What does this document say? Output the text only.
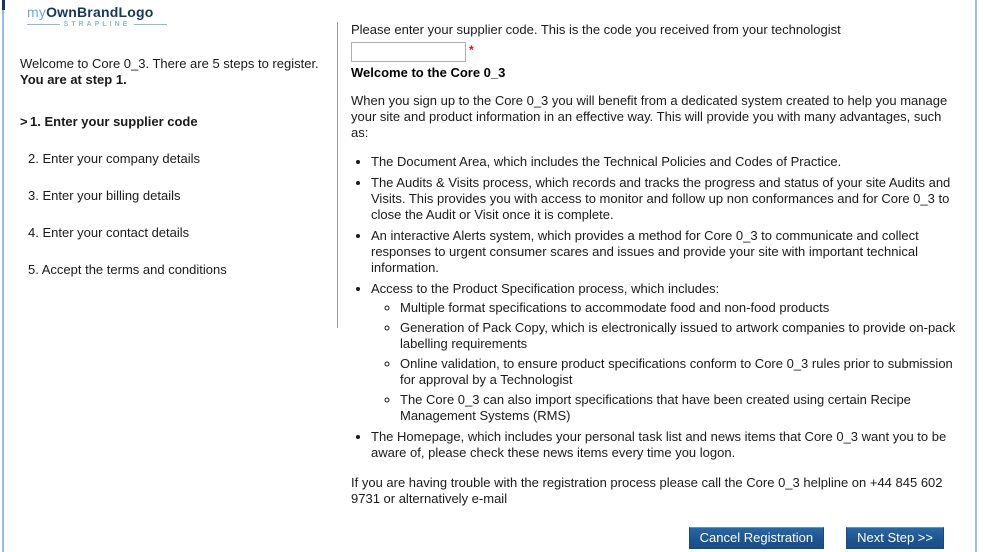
myOwnBrandLogo
STRAPLINE
Welcome to Core 0_3. There are 5 steps to register.
You are at step 1.
> 1. Enter your supplier code
2. Enter your company details
3. Enter your billing details
4. Enter your contact details
5. Accept the terms and conditions
Please enter your supplier code. This is the code you received from your technologist
*
Welcome to the Core 0_3
When you sign up to the Core 0_3 you will benefit from a dedicated system created to help you manage your site and product information in an effective way. This will provide you with many advantages, such as:
• The Document Area, which includes the Technical Policies and Codes of Practice.
• The Audits & Visits process, which records and tracks the progress and status of your site Audits and Visits. This provides you with access to monitor and follow up non conformances and for Core 0_3 to close the Audit or Visit once it is complete.
• An interactive Alerts system, which provides a method for Core 0_3 to communicate and collect responses to urgent consumer scares and issues and provide your site with important technical information.
• Access to the Product Specification process, which includes:
◦ Multiple format specifications to accommodate food and non-food products
◦ Generation of Pack Copy, which is electronically issued to artwork companies to provide on-pack labelling requirements
◦ Online validation, to ensure product specifications conform to Core 0_3 rules prior to submission for approval by a Technologist
◦ The Core 0_3 can also import specifications that have been created using certain Recipe Management Systems (RMS)
• The Homepage, which includes your personal task list and news items that Core 0_3 want you to be aware of, please check these news items every time you logon.
If you are having trouble with the registration process please call the Core 0_3 helpline on +44 845 602 9731 or alternatively e-mail
Cancel Registration	Next Step >>
